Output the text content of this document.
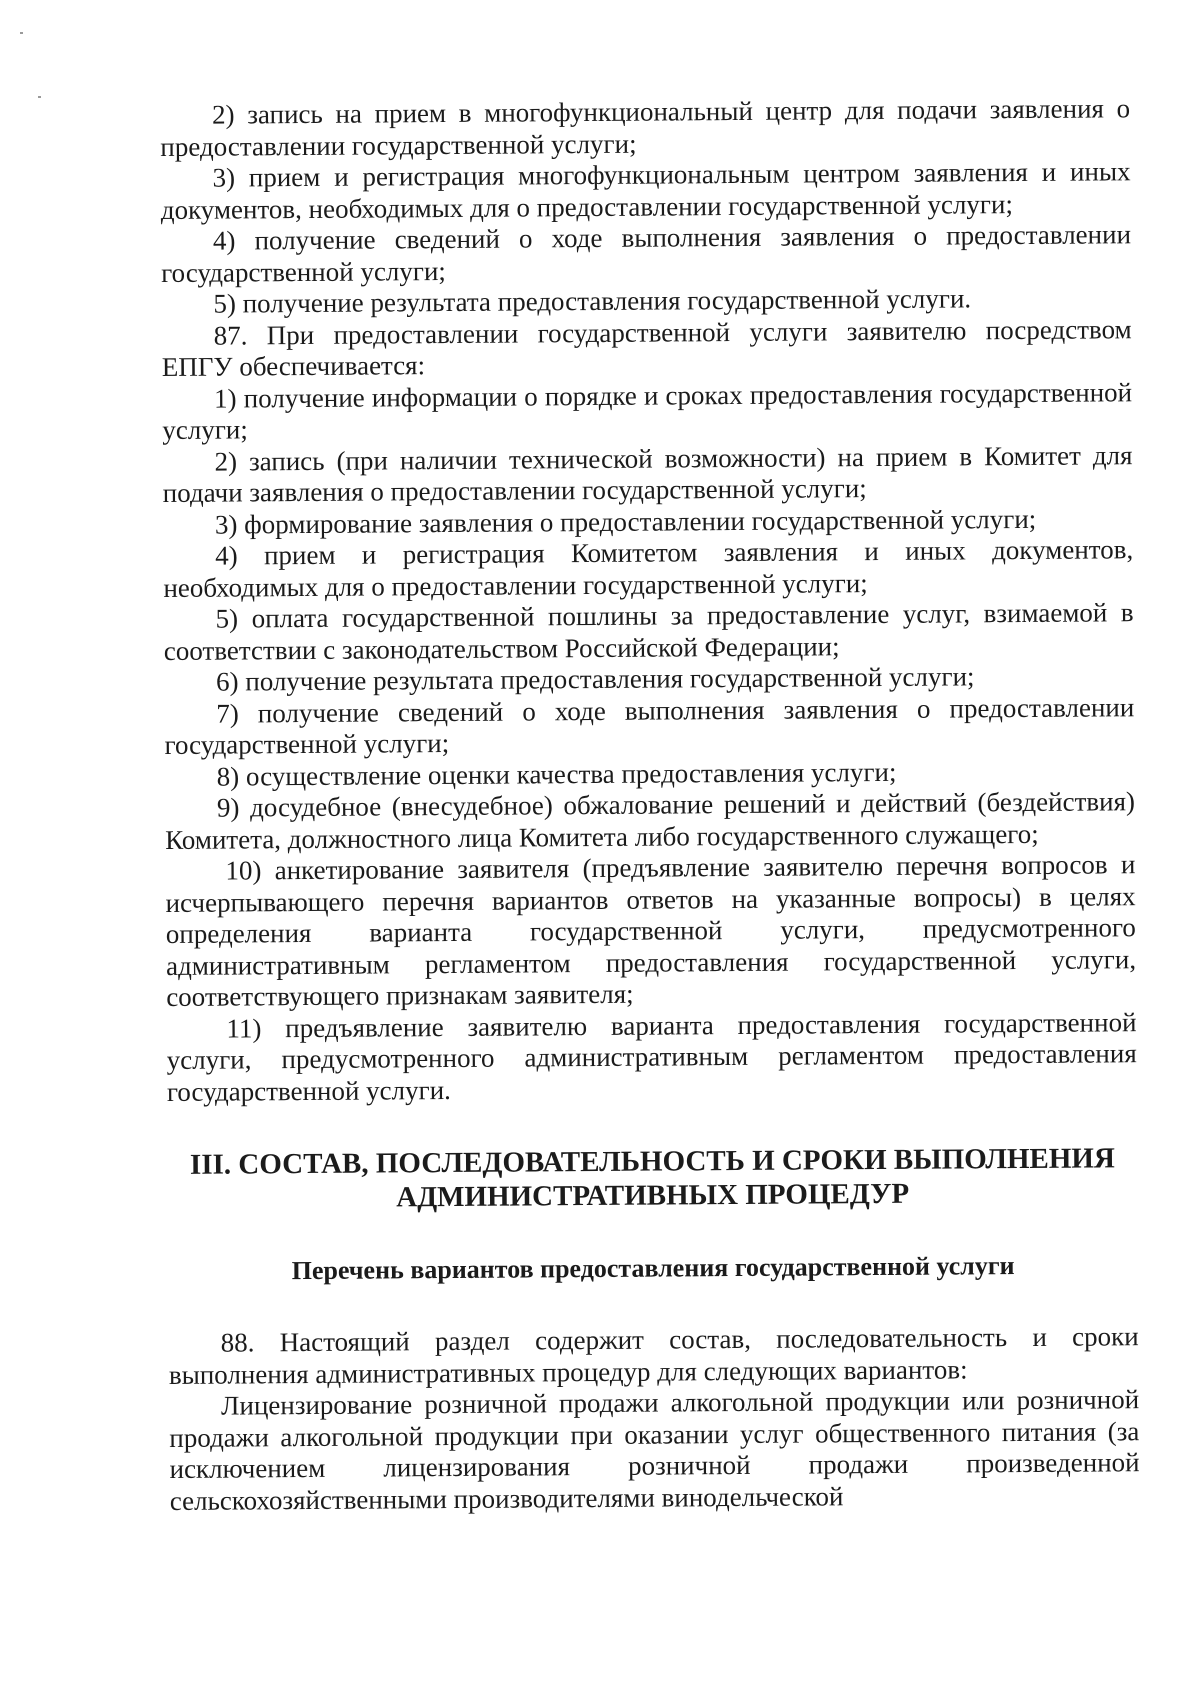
2) запись на прием в многофункциональный центр для подачи заявления о предоставлении государственной услуги;

3) прием и регистрация многофункциональным центром заявления и иных документов, необходимых для о предоставлении государственной услуги;

4) получение сведений о ходе выполнения заявления о предоставлении государственной услуги;

5) получение результата предоставления государственной услуги.

87. При предоставлении государственной услуги заявителю посредством ЕПГУ обеспечивается:

1) получение информации о порядке и сроках предоставления государственной услуги;

2) запись (при наличии технической возможности) на прием в Комитет для подачи заявления о предоставлении государственной услуги;

3) формирование заявления о предоставлении государственной услуги;

4) прием и регистрация Комитетом заявления и иных документов, необходимых для о предоставлении государственной услуги;

5) оплата государственной пошлины за предоставление услуг, взимаемой в соответствии с законодательством Российской Федерации;

6) получение результата предоставления государственной услуги;

7) получение сведений о ходе выполнения заявления о предоставлении государственной услуги;

8) осуществление оценки качества предоставления услуги;

9) досудебное (внесудебное) обжалование решений и действий (бездействия) Комитета, должностного лица Комитета либо государственного служащего;

10) анкетирование заявителя (предъявление заявителю перечня вопросов и исчерпывающего перечня вариантов ответов на указанные вопросы) в целях определения варианта государственной услуги, предусмотренного административным регламентом предоставления государственной услуги, соответствующего признакам заявителя;

11) предъявление заявителю варианта предоставления государственной услуги, предусмотренного административным регламентом предоставления государственной услуги.

III. СОСТАВ, ПОСЛЕДОВАТЕЛЬНОСТЬ И СРОКИ ВЫПОЛНЕНИЯ АДМИНИСТРАТИВНЫХ ПРОЦЕДУР
Перечень вариантов предоставления государственной услуги

88. Настоящий раздел содержит состав, последовательность и сроки выполнения административных процедур для следующих вариантов:

Лицензирование розничной продажи алкогольной продукции или розничной продажи алкогольной продукции при оказании услуг общественного питания (за исключением лицензирования розничной продажи произведенной сельскохозяйственными производителями винодельческой
